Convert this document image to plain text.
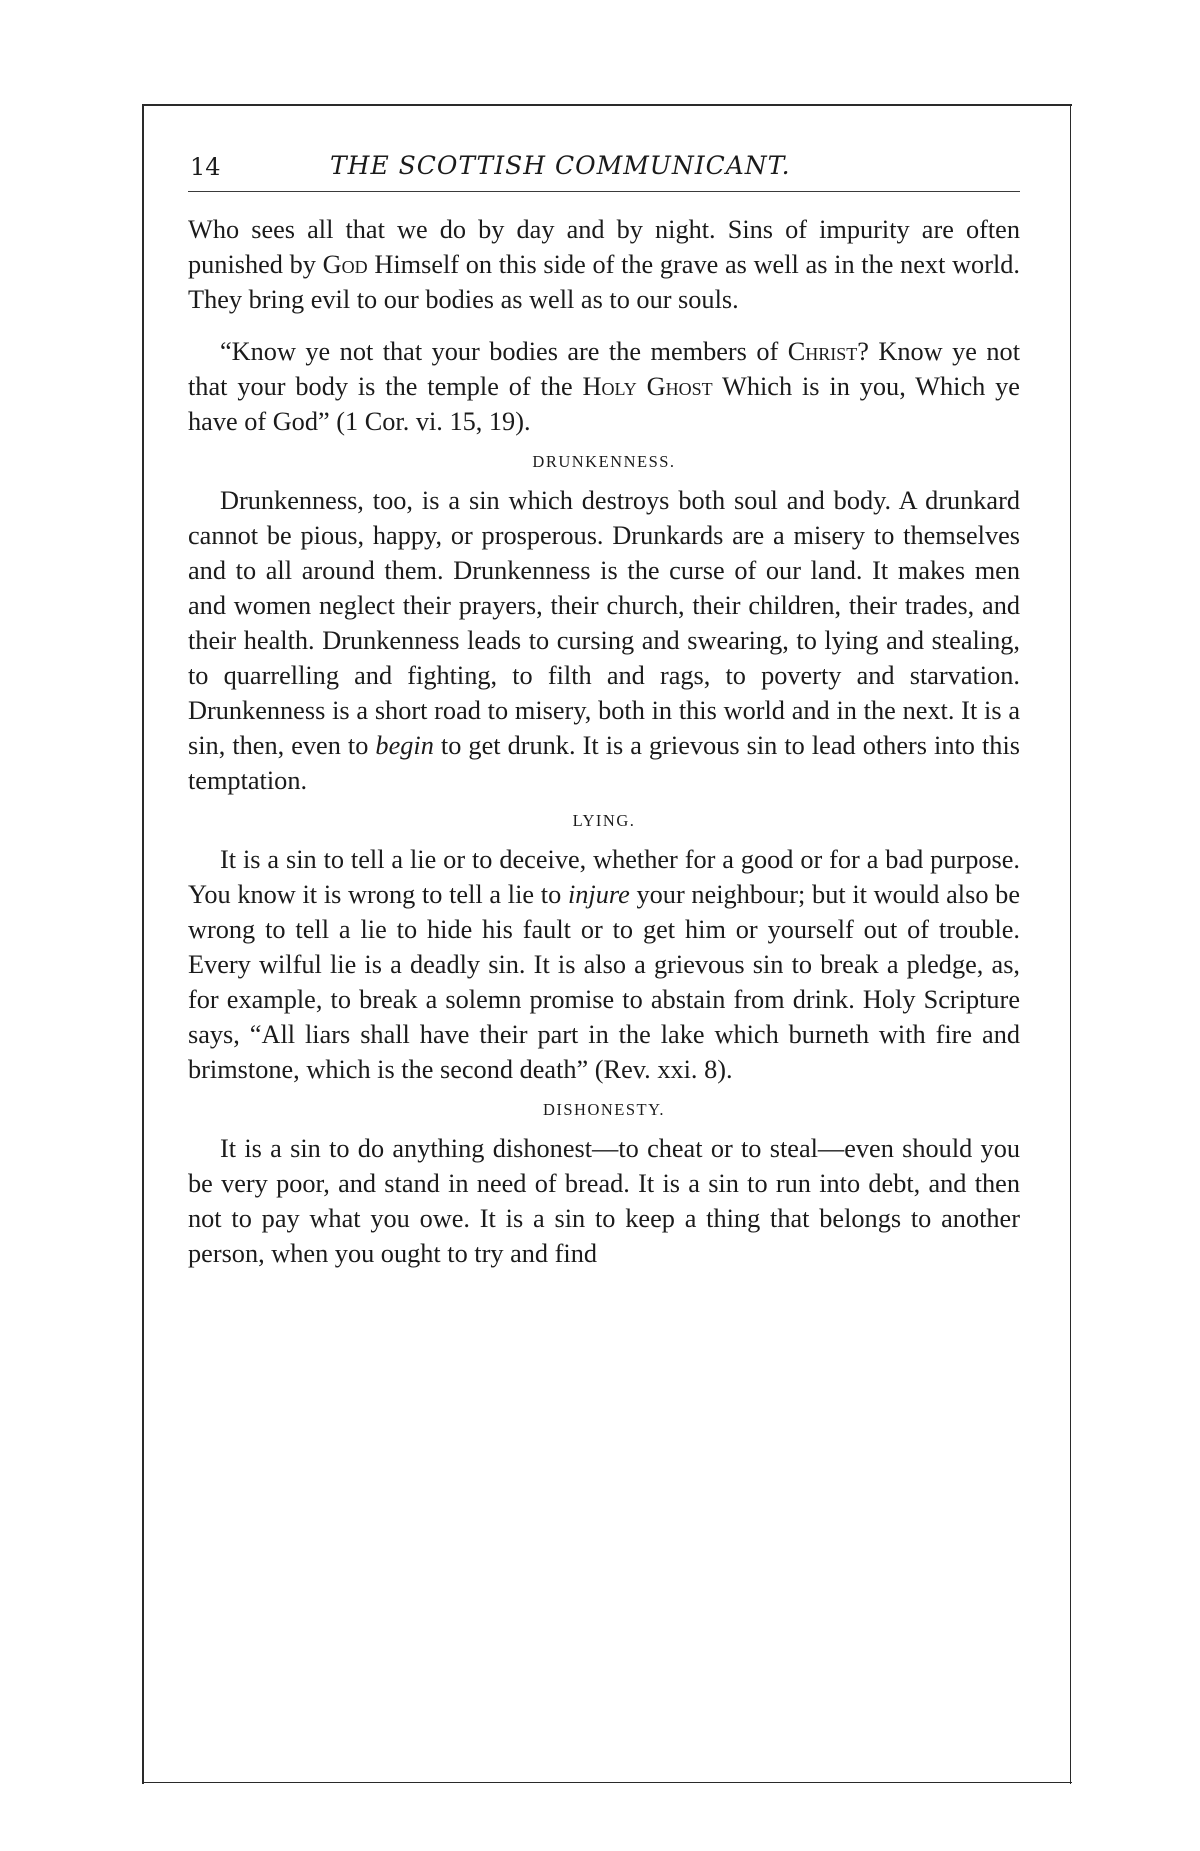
14	THE SCOTTISH COMMUNICANT.

Who sees all that we do by day and by night. Sins of impurity are often punished by God Himself on this side of the grave as well as in the next world. They bring evil to our bodies as well as to our souls.

“Know ye not that your bodies are the members of Christ? Know ye not that your body is the temple of the Holy Ghost Which is in you, Which ye have of God” (1 Cor. vi. 15, 19).

DRUNKENNESS.

Drunkenness, too, is a sin which destroys both soul and body. A drunkard cannot be pious, happy, or prosperous. Drunkards are a misery to themselves and to all around them. Drunkenness is the curse of our land. It makes men and women neglect their prayers, their church, their children, their trades, and their health. Drunkenness leads to cursing and swearing, to lying and stealing, to quarrelling and fighting, to filth and rags, to poverty and starvation. Drunkenness is a short road to misery, both in this world and in the next. It is a sin, then, even to begin to get drunk. It is a grievous sin to lead others into this temptation.

LYING.

It is a sin to tell a lie or to deceive, whether for a good or for a bad purpose. You know it is wrong to tell a lie to injure your neighbour; but it would also be wrong to tell a lie to hide his fault or to get him or yourself out of trouble. Every wilful lie is a deadly sin. It is also a grievous sin to break a pledge, as, for example, to break a solemn promise to abstain from drink. Holy Scripture says, “All liars shall have their part in the lake which burneth with fire and brimstone, which is the second death” (Rev. xxi. 8).

DISHONESTY.

It is a sin to do anything dishonest—to cheat or to steal—even should you be very poor, and stand in need of bread. It is a sin to run into debt, and then not to pay what you owe. It is a sin to keep a thing that belongs to another person, when you ought to try and find
